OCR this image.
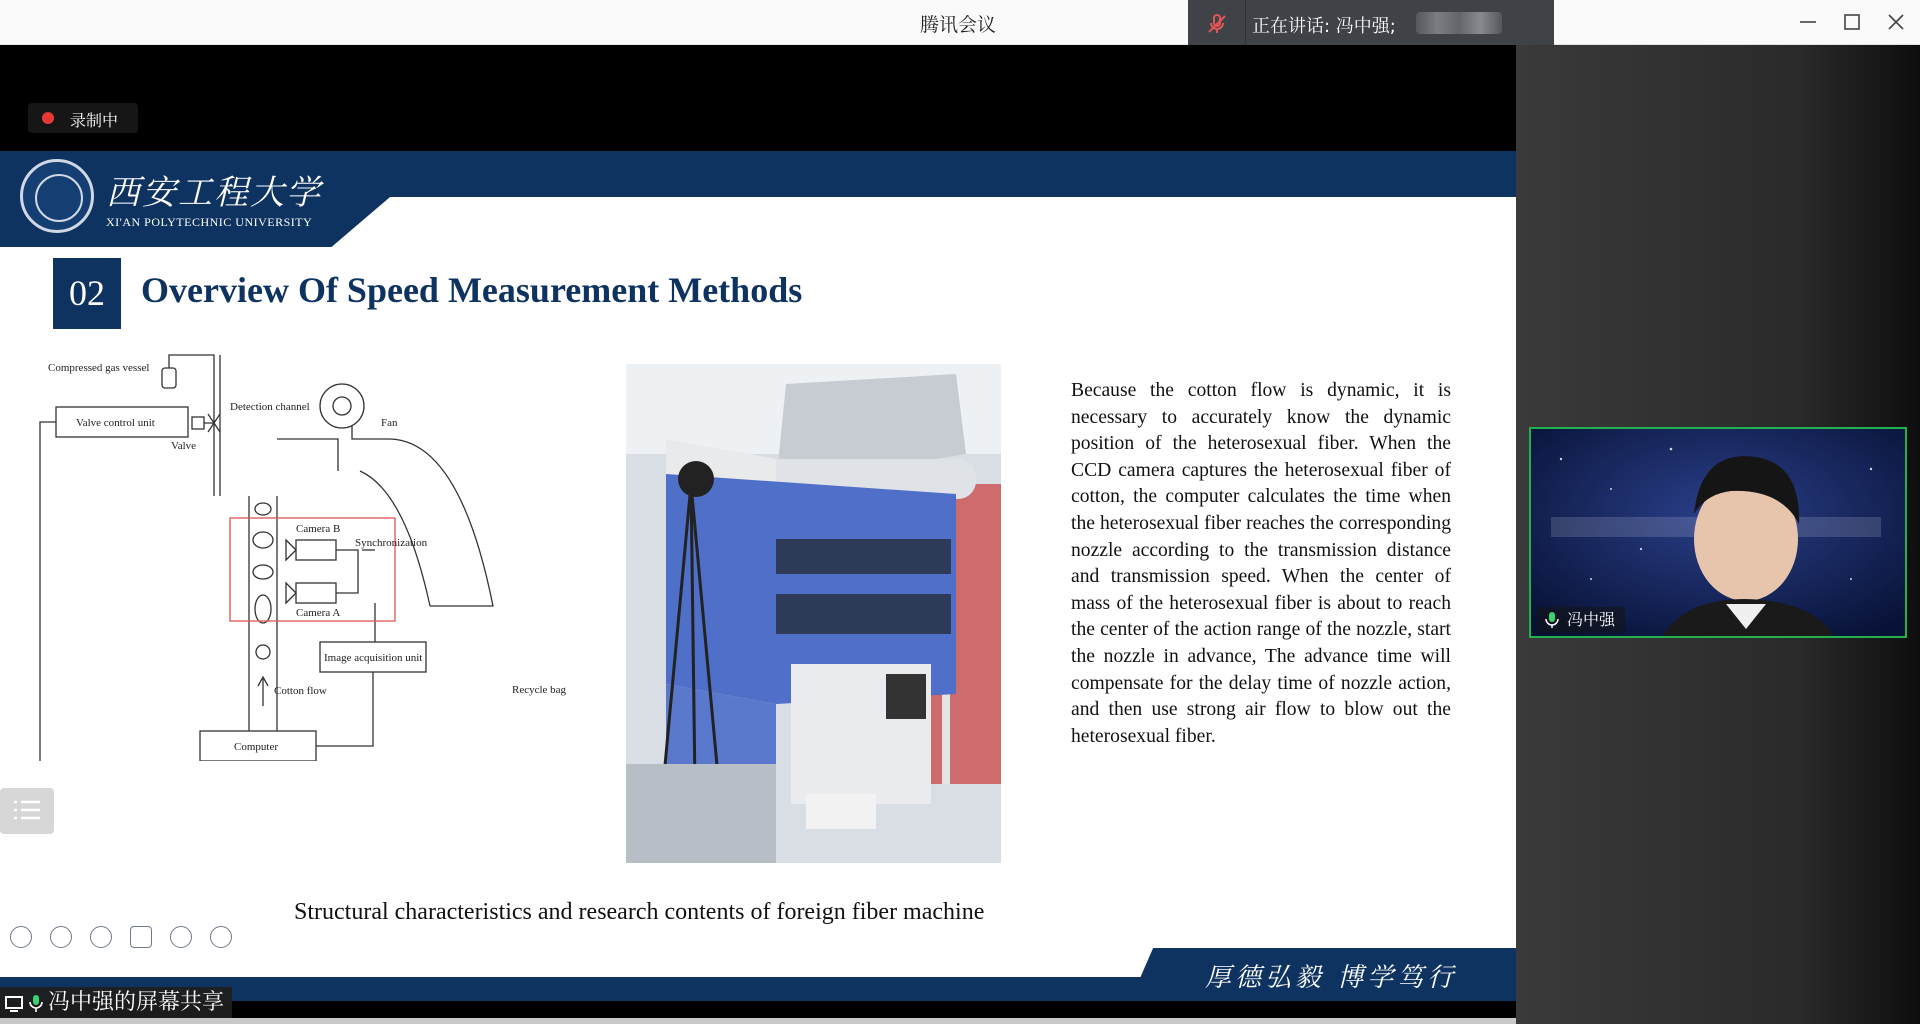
腾讯会议	正在讲话: 冯中强;
西安工程大学
XI'AN POLYTECHNIC UNIVERSITY
02	Overview Of Speed Measurement Methods
Compressed gas vessel
Valve control unit
Valve
Detection channel
Fan
Camera B
Synchronization
Camera A
Image acquisition unit
Cotton flow
Computer
Recycle bag
Because the cotton flow is dynamic, it is necessary to accurately know the dynamic position of the heterosexual fiber. When the CCD camera captures the heterosexual fiber of cotton, the computer calculates the time when the heterosexual fiber reaches the corresponding nozzle according to the transmission distance and transmission speed. When the center of mass of the heterosexual fiber is about to reach the center of the action range of the nozzle, start the nozzle in advance, The advance time will compensate for the delay time of nozzle action, and then use strong air flow to blow out the heterosexual fiber.
Structural characteristics and research contents of foreign fiber machine
厚德弘毅 博学笃行
录制中
冯中强的屏幕共享
冯中强
